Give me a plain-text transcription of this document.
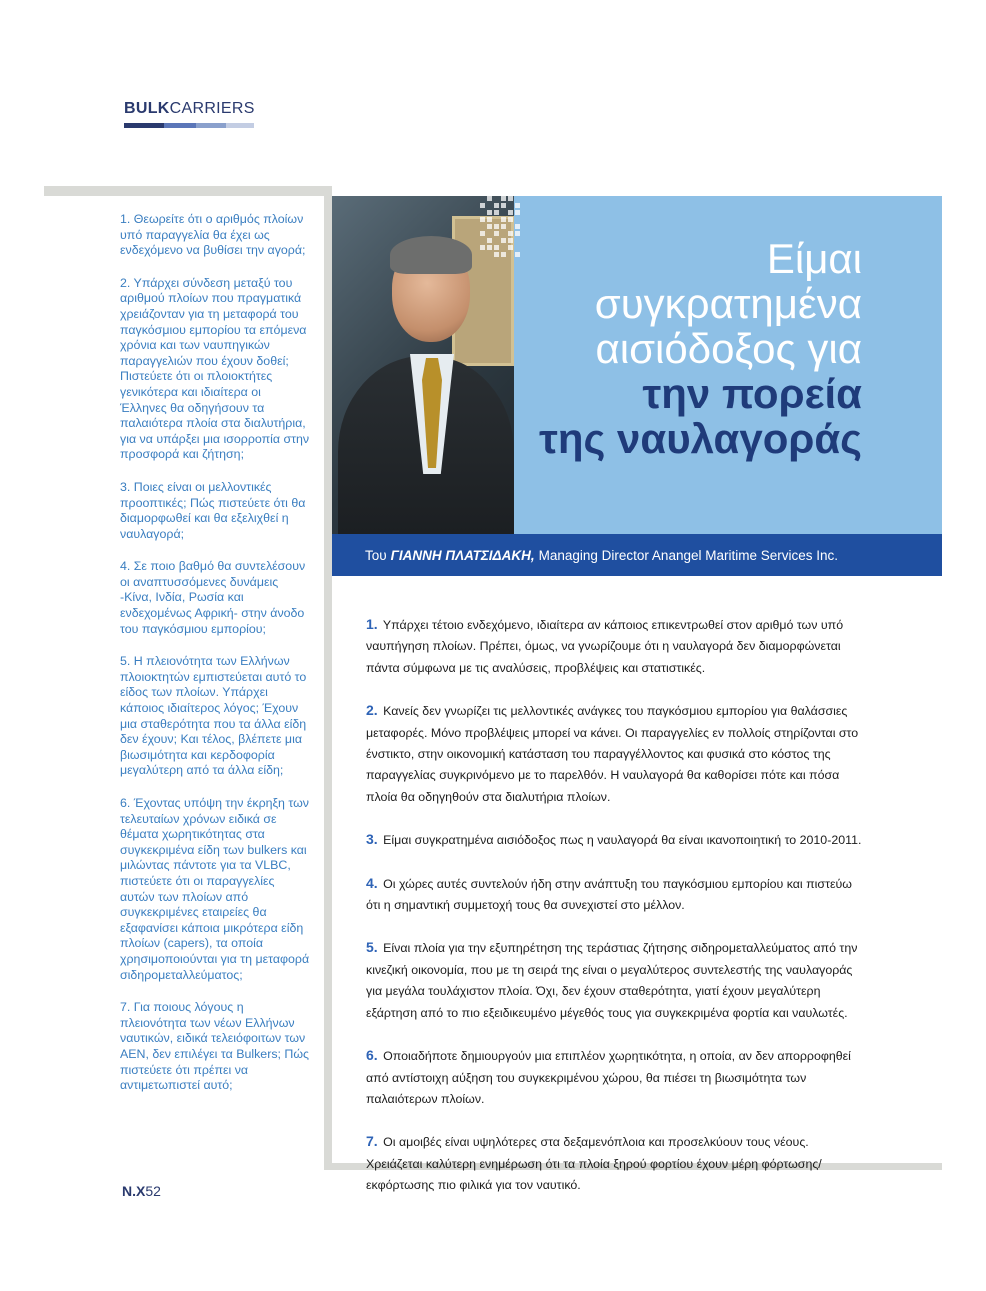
BULKCARRIERS

1. Θεωρείτε ότι ο αριθμός πλοίων υπό παραγγελία θα έχει ως ενδεχόμενο να βυθίσει την αγορά;

2. Υπάρχει σύνδεση μεταξύ του αριθμού πλοίων που πραγματικά χρειάζονταν για τη μεταφορά του παγκόσμιου εμπορίου τα επόμενα χρόνια και των ναυπηγικών παραγγελιών που έχουν δοθεί; Πιστεύετε ότι οι πλοιοκτήτες γενικότερα και ιδιαίτερα οι Έλληνες θα οδηγήσουν τα παλαιότερα πλοία στα διαλυτήρια, για να υπάρξει μια ισορροπία στην προσφορά και ζήτηση;

3. Ποιες είναι οι μελλοντικές προοπτικές; Πώς πιστεύετε ότι θα διαμορφωθεί και θα εξελιχθεί η ναυλαγορά;

4. Σε ποιο βαθμό θα συντελέσουν οι αναπτυσσόμενες δυνάμεις -Κίνα, Ινδία, Ρωσία και ενδεχομένως Αφρική- στην άνοδο του παγκόσμιου εμπορίου;

5. Η πλειονότητα των Ελλήνων πλοιοκτητών εμπιστεύεται αυτό το είδος των πλοίων. Υπάρχει κάποιος ιδιαίτερος λόγος; Έχουν μια σταθερότητα που τα άλλα είδη δεν έχουν; Και τέλος, βλέπετε μια βιωσιμότητα και κερδοφορία μεγαλύτερη από τα άλλα είδη;

6. Έχοντας υπόψη την έκρηξη των τελευταίων χρόνων ειδικά σε θέματα χωρητικότητας στα συγκεκριμένα είδη των bulkers και μιλώντας πάντοτε για τα VLBC, πιστεύετε ότι οι παραγγελίες αυτών των πλοίων από συγκεκριμένες εταιρείες θα εξαφανίσει κάποια μικρότερα είδη πλοίων (capers), τα οποία χρησιμοποιούνται για τη μεταφορά σιδηρομεταλλεύματος;

7. Για ποιους λόγους η πλειονότητα των νέων Ελλήνων ναυτικών, ειδικά τελειόφοιτων των ΑΕΝ, δεν επιλέγει τα Bulkers; Πώς πιστεύετε ότι πρέπει να αντιμετωπιστεί αυτό;

Είμαι συγκρατημένα
αισιόδοξος για
την πορεία
της ναυλαγοράς
Του ΓΙΑΝΝΗ ΠΛΑΤΣΙΔΑΚΗ, Managing Director Anangel Maritime Services Inc.

1. Υπάρχει τέτοιο ενδεχόμενο, ιδιαίτερα αν κάποιος επικεντρωθεί στον αριθμό των υπό ναυπήγηση πλοίων. Πρέπει, όμως, να γνωρίζουμε ότι η ναυλαγορά δεν διαμορφώνεται πάντα σύμφωνα με τις αναλύσεις, προβλέψεις και στατιστικές.

2. Κανείς δεν γνωρίζει τις μελλοντικές ανάγκες του παγκόσμιου εμπορίου για θαλάσσιες μεταφορές. Μόνο προβλέψεις μπορεί να κάνει. Οι παραγγελίες εν πολλοίς στηρίζονται στο ένστικτο, στην οικονομική κατάσταση του παραγγέλλοντος και φυσικά στο κόστος της παραγγελίας συγκρινόμενο με το παρελθόν. Η ναυλαγορά θα καθορίσει πότε και πόσα πλοία θα οδηγηθούν στα διαλυτήρια πλοίων.

3. Είμαι συγκρατημένα αισιόδοξος πως η ναυλαγορά θα είναι ικανοποιητική το 2010-2011.

4. Οι χώρες αυτές συντελούν ήδη στην ανάπτυξη του παγκόσμιου εμπορίου και πιστεύω ότι η σημαντική συμμετοχή τους θα συνεχιστεί στο μέλλον.

5. Είναι πλοία για την εξυπηρέτηση της τεράστιας ζήτησης σιδηρομεταλλεύματος από την κινεζική οικονομία, που με τη σειρά της είναι ο μεγαλύτερος συντελεστής της ναυλαγοράς για μεγάλα τουλάχιστον πλοία. Όχι, δεν έχουν σταθερότητα, γιατί έχουν μεγαλύτερη εξάρτηση από το πιο εξειδικευμένο μέγεθός τους για συγκεκριμένα φορτία και ναυλωτές.

6. Οποιαδήποτε δημιουργούν μια επιπλέον χωρητικότητα, η οποία, αν δεν απορροφηθεί από αντίστοιχη αύξηση του συγκεκριμένου χώρου, θα πιέσει τη βιωσιμότητα των παλαιότερων πλοίων.

7. Οι αμοιβές είναι υψηλότερες στα δεξαμενόπλοια και προσελκύουν τους νέους. Χρειάζεται καλύτερη ενημέρωση ότι τα πλοία ξηρού φορτίου έχουν μέρη φόρτωσης/εκφόρτωσης πιο φιλικά για τον ναυτικό.

N.X52
